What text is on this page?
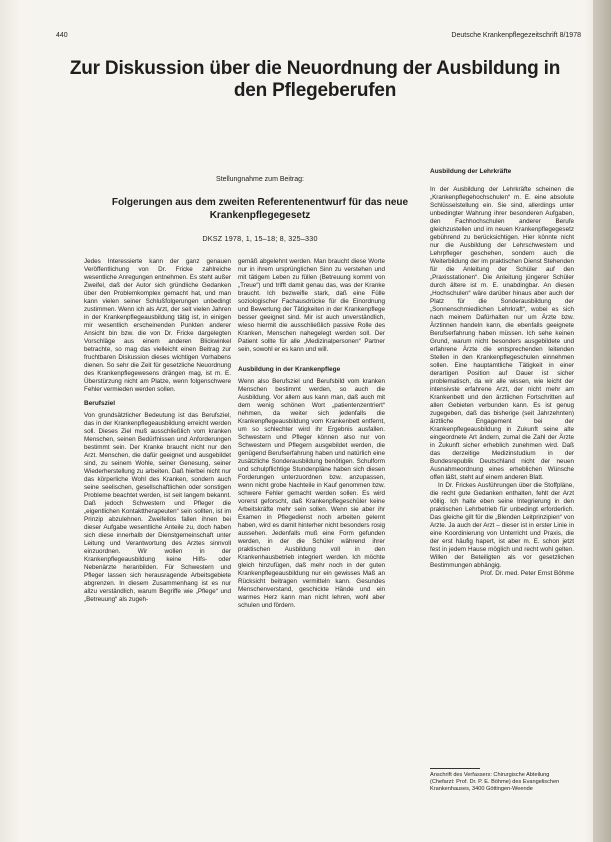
440	Deutsche Krankenpflegezeitschrift 8/1978
Zur Diskussion über die Neuordnung der Ausbildung in den Pflegeberufen
Stellungnahme zum Beitrag:
Folgerungen aus dem zweiten Referentenentwurf für das neue Krankenpflegegesetz
DKSZ 1978, 1, 15–18; 8, 325–330

Jedes Interessierte kann der ganz genauen Veröffentlichung von Dr. Fricke zahlreiche wesentliche Anregungen entnehmen. Es steht außer Zweifel, daß der Autor sich gründliche Gedanken über den Problemkomplex gemacht hat, und man kann vielen seiner Schlußfolgerungen unbedingt zustimmen. Wenn ich als Arzt, der seit vielen Jahren in der Krankenpflegeausbildung tätig ist, in einigen mir wesentlich erscheinenden Punkten anderer Ansicht bin bzw. die von Dr. Fricke dargelegten Vorschläge aus einem anderen Blickwinkel betrachte, so mag das vielleicht einen Beitrag zur fruchtbaren Diskussion dieses wichtigen Vorhabens dienen. So sehr die Zeit für gesetzliche Neuordnung des Krankenpflegewesens drängen mag, ist m. E. Überstürzung nicht am Platze, wenn folgenschwere Fehler vermieden werden sollen.

Berufsziel

Von grundsätzlicher Bedeutung ist das Berufsziel, das in der Krankenpflegeausbildung erreicht werden soll. Dieses Ziel muß ausschließlich vom kranken Menschen, seinen Bedürfnissen und Anforderungen bestimmt sein. Der Kranke braucht nicht nur den Arzt. Menschen, die dafür geeignet und ausgebildet sind, zu seinem Wohle, seiner Genesung, seiner Wiederherstellung zu arbeiten. Daß hierbei nicht nur das körperliche Wohl des Kranken, sondern auch seine seelischen, gesellschaftlichen oder sonstigen Probleme beachtet werden, ist seit langem bekannt. Daß jedoch Schwestern und Pfleger die „eigentlichen Kontakttherapeuten“ sein sollten, ist im Prinzip abzulehnen. Zweifellos fallen ihnen bei dieser Aufgabe wesentliche Anteile zu, doch haben sich diese innerhalb der Dienstgemeinschaft unter Leitung und Verantwortung des Arztes sinnvoll einzuordnen. Wir wollen in der Krankenpflegeausbildung keine Hilfs- oder Nebenärzte heranbilden. Für Schwestern und Pfleger lassen sich herausragende Arbeitsgebiete abgrenzen. In diesem Zusammenhang ist es nur allzu verständlich, warum Begriffe wie „Pflege“ und „Betreuung“ als zugeh-

gemäß abgelehnt werden. Man braucht diese Worte nur in ihrem ursprünglichen Sinn zu verstehen und mit tätigem Leben zu füllen (Betreuung kommt von „Treue“) und trifft damit genau das, was der Kranke braucht. Ich bezweifle stark, daß eine Fülle soziologischer Fachausdrücke für die Einordnung und Bewertung der Tätigkeiten in der Krankenpflege besser geeignet sind. Mir ist auch unverständlich, wieso hiermit die ausschließlich passive Rolle des Kranken, Menschen nahegelegt werden soll. Der Patient sollte für alle „Medizinalpersonen“ Partner sein, sowohl er es kann und will.

Ausbildung in der Krankenpflege

Wenn also Berufsziel und Berufsbild vom kranken Menschen bestimmt werden, so auch die Ausbildung. Vor allem aus kann man, daß auch mit dem wenig schönen Wort „patientenzentriert“ nehmen, da weiter sich jedenfalls die Krankenpflegeausbildung vom Krankenbett entfernt, um so schlechter wird ihr Ergebnis ausfallen. Schwestern und Pfleger können also nur von Schwestern und Pflegern ausgebildet werden, die genügend Berufserfahrung haben und natürlich eine zusätzliche Sonderausbildung benötigen. Schulform und schulpflichtige Stundenpläne haben sich diesen Forderungen unterzuordnen bzw. anzupassen, wenn nicht grobe Nachteile in Kauf genommen bzw. schwere Fehler gemacht werden sollen. Es wird vorerst geforscht, daß Krankenpflegeschüler keine Arbeitskräfte mehr sein sollen. Wenn sie aber ihr Examen in Pflegedienst noch arbeiten gelernt haben, wird es damit hinterher nicht besonders rosig aussehen. Jedenfalls muß eine Form gefunden werden, in der die Schüler während ihrer praktischen Ausbildung voll in den Krankenhausbetrieb integriert werden. Ich möchte gleich hinzufügen, daß mehr noch in der guten Krankenpflegeausbildung nur ein gewisses Maß an Rücksicht beitragen vermitteln kann. Gesundes Menschenverstand, geschickte Hände und ein warmes Herz kann man nicht lehren, wohl aber schulen und fördern.

Ausbildung der Lehrkräfte

In der Ausbildung der Lehrkräfte scheinen die „Krankenpflegehochschulen“ m. E. eine absolute Schlüsselstellung ein. Sie sind, allerdings unter unbedingter Wahrung ihrer besonderen Aufgaben, den Fachhochschulen anderer Berufe gleichzustellen und im neuen Krankenpflegegesetz gebührend zu berücksichtigen. Hier könnte nicht nur die Ausbildung der Lehrschwestern und Lehrpfleger geschehen, sondern auch die Weiterbildung der im praktischen Dienst Stehenden für die Anleitung der Schüler auf den „Praxisstationen“. Die Anleitung jüngerer Schüler durch ältere ist m. E. unabdingbar. An diesen „Hochschulen“ wäre darüber hinaus aber auch der Platz für die Sonderausbildung der „Sonnenschmiedlichen Lehrkraft“, wobei es sich nach meinem Dafürhalten nur um Ärzte bzw. Ärztinnen handeln kann, die ebenfalls geeignete Berufserfahrung haben müssen. Ich sehe keinen Grund, warum nicht besonders ausgebildete und erfahrene Ärzte die entsprechenden leitenden Stellen in den Krankenpflegeschulen einnehmen sollen. Eine hauptamtliche Tätigkeit in einer derartigen Position auf Dauer ist sicher problematisch, da wir alle wissen, wie leicht der intensivste erfahrene Arzt, der nicht mehr am Krankenbett und den ärztlichen Fortschritten auf allen Gebieten verbunden kann. Es ist genug zugegeben, daß das bisherige (seit Jahrzehnten) ärztliche Engagement bei der Krankenpflegeausbildung in Zukunft seine alte eingeordnete Art ändern, zumal die Zahl der Ärzte in Zukunft sicher erheblich zunehmen wird. Daß das derzeitige Medizinstudium in der Bundesrepublik Deutschland nicht der neuen Ausnahmeordnung eines erheblichen Wünsche offen läßt, steht auf einem anderen Blatt.

In Dr. Frickes Ausführungen über die Stoffpläne, die recht gute Gedanken enthalten, fehlt der Arzt völlig. Ich halte eben seine Integrierung in den praktischen Lehrbetrieb für unbedingt erforderlich. Das gleiche gilt für die „Blenden Leitprinzipien“ von Arzte. Ja auch der Arzt – dieser ist in erster Linie in eine Koordinierung von Unterricht und Praxis, die der erst häufig hapert, ist aber m. E. schon jetzt fest in jedem Hause möglich und recht wohl gelten. Willen der Beteiligten als vor gesetzlichen Bestimmungen abhängig.

Prof. Dr. med. Peter Ernst Böhme

Anschrift des Verfassers: Chirurgische Abteilung (Chefarzt: Prof. Dr. P. E. Böhme) des Evangelischen Krankenhauses, 3400 Göttingen-Weende
